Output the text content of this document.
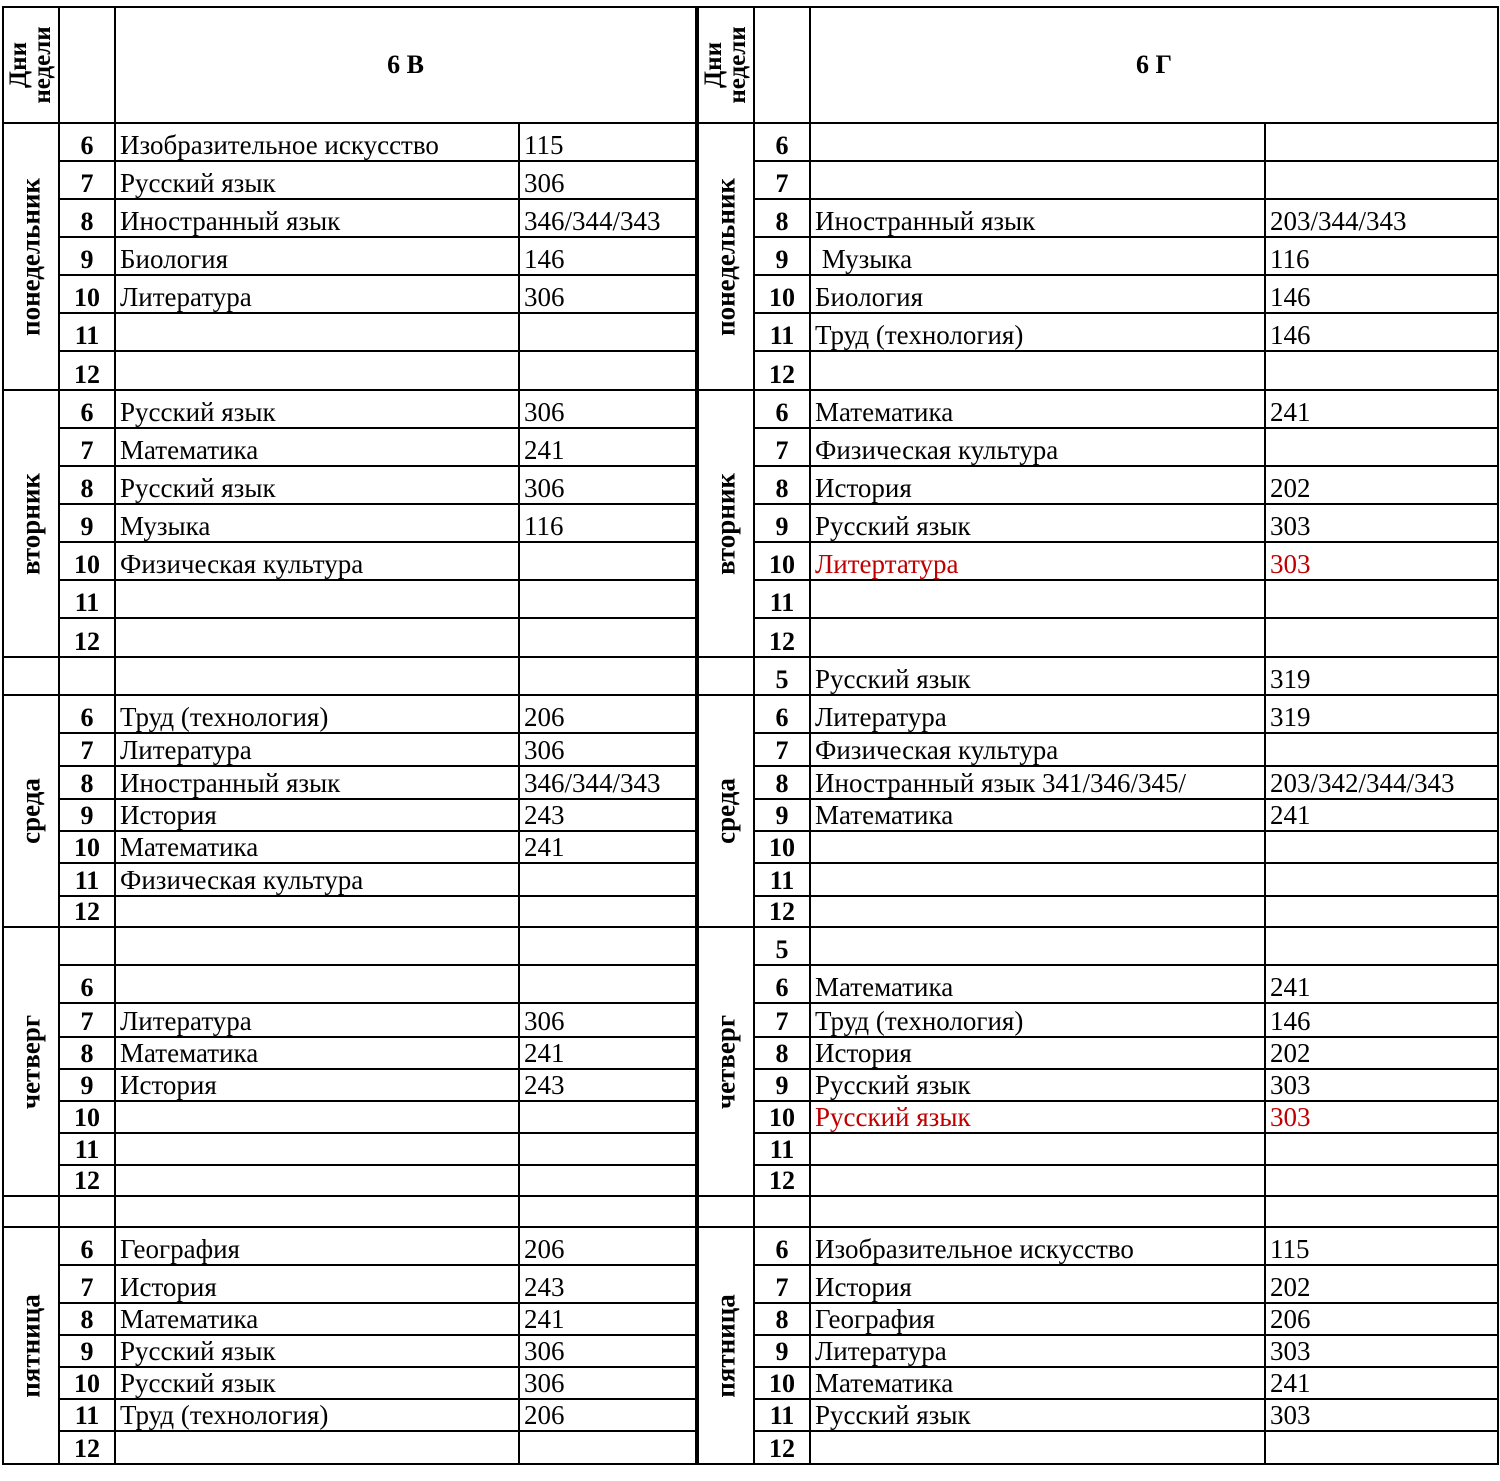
Дни
недели		6 В	

понедельник	6	Изобразительное искусство	115
	7	Русский язык	306
	8	Иностранный язык	346/344/343
	9	Биология	146
	10	Литература	306
	11		
	12		

вторник	6	Русский язык	306
	7	Математика	241
	8	Русский язык	306
	9	Музыка	116
	10	Физическая культура	
	11		
	12		

среда	6	Труд (технология)	206
	7	Литература	306
	8	Иностранный язык	346/344/343
	9	История	243
	10	Математика	241
	11	Физическая культура	
	12		

четверг			

	6		
	7	Литература	306
	8	Математика	241
	9	История	243
	10		
	11		
	12		

пятница	6	География	206
	7	История	243
	8	Математика	241
	9	Русский язык	306
	10	Русский язык	306
	11	Труд (технология)	206
	12		
Дни
недели		6 Г	

понедельник	6		
	7		
	8	Иностранный язык	203/344/343
	9	Музыка	116
	10	Биология	146
	11	Труд (технология)	146
	12		

вторник	6	Математика	241
	7	Физическая культура	
	8	История	202
	9	Русский язык	303
	10	Литертатура	303
	11		
	12		
	5	Русский язык	319

среда	6	Литература	319
	7	Физическая культура	
	8	Иностранный язык 341/346/345/	203/342/344/343
	9	Математика	241
	10		
	11		
	12		

четверг	5		
	6	Математика	241
	7	Труд (технология)	146
	8	История	202
	9	Русский язык	303
	10	Русский язык	303
	11		
	12		

пятница	6	Изобразительное искусство	115
	7	История	202
	8	География	206
	9	Литература	303
	10	Математика	241
	11	Русский язык	303
	12		
